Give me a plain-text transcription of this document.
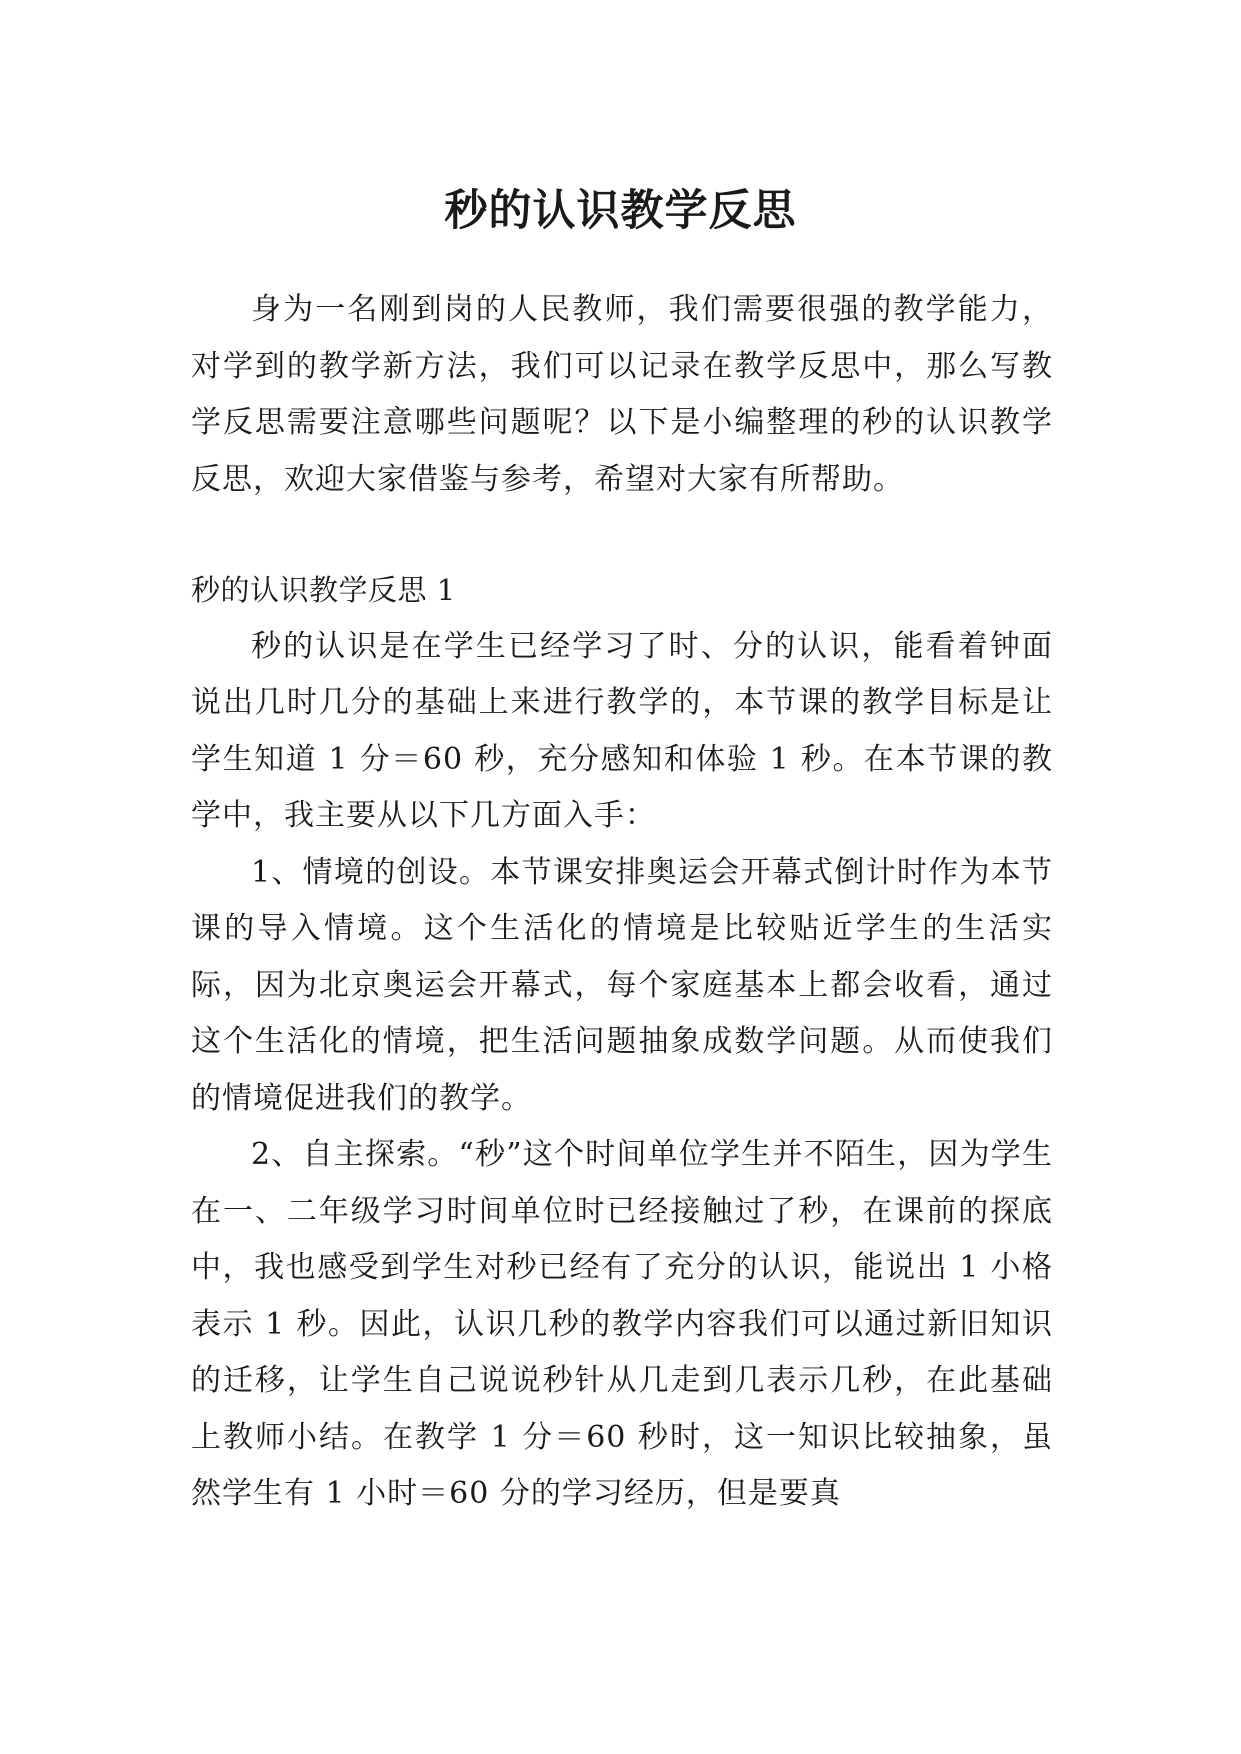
秒的认识教学反思

身为一名刚到岗的人民教师，我们需要很强的教学能力，对学到的教学新方法，我们可以记录在教学反思中，那么写教学反思需要注意哪些问题呢？以下是小编整理的秒的认识教学反思，欢迎大家借鉴与参考，希望对大家有所帮助。

秒的认识教学反思 1

秒的认识是在学生已经学习了时、分的认识，能看着钟面说出几时几分的基础上来进行教学的，本节课的教学目标是让学生知道 1 分＝60 秒，充分感知和体验 1 秒。在本节课的教学中，我主要从以下几方面入手：

1、情境的创设。本节课安排奥运会开幕式倒计时作为本节课的导入情境。这个生活化的情境是比较贴近学生的生活实际，因为北京奥运会开幕式，每个家庭基本上都会收看，通过这个生活化的情境，把生活问题抽象成数学问题。从而使我们的情境促进我们的教学。

2、自主探索。“秒”这个时间单位学生并不陌生，因为学生在一、二年级学习时间单位时已经接触过了秒，在课前的探底中，我也感受到学生对秒已经有了充分的认识，能说出 1 小格表示 1 秒。因此，认识几秒的教学内容我们可以通过新旧知识的迁移，让学生自己说说秒针从几走到几表示几秒，在此基础上教师小结。在教学 1 分＝60 秒时，这一知识比较抽象，虽然学生有 1 小时＝60 分的学习经历，但是要真
